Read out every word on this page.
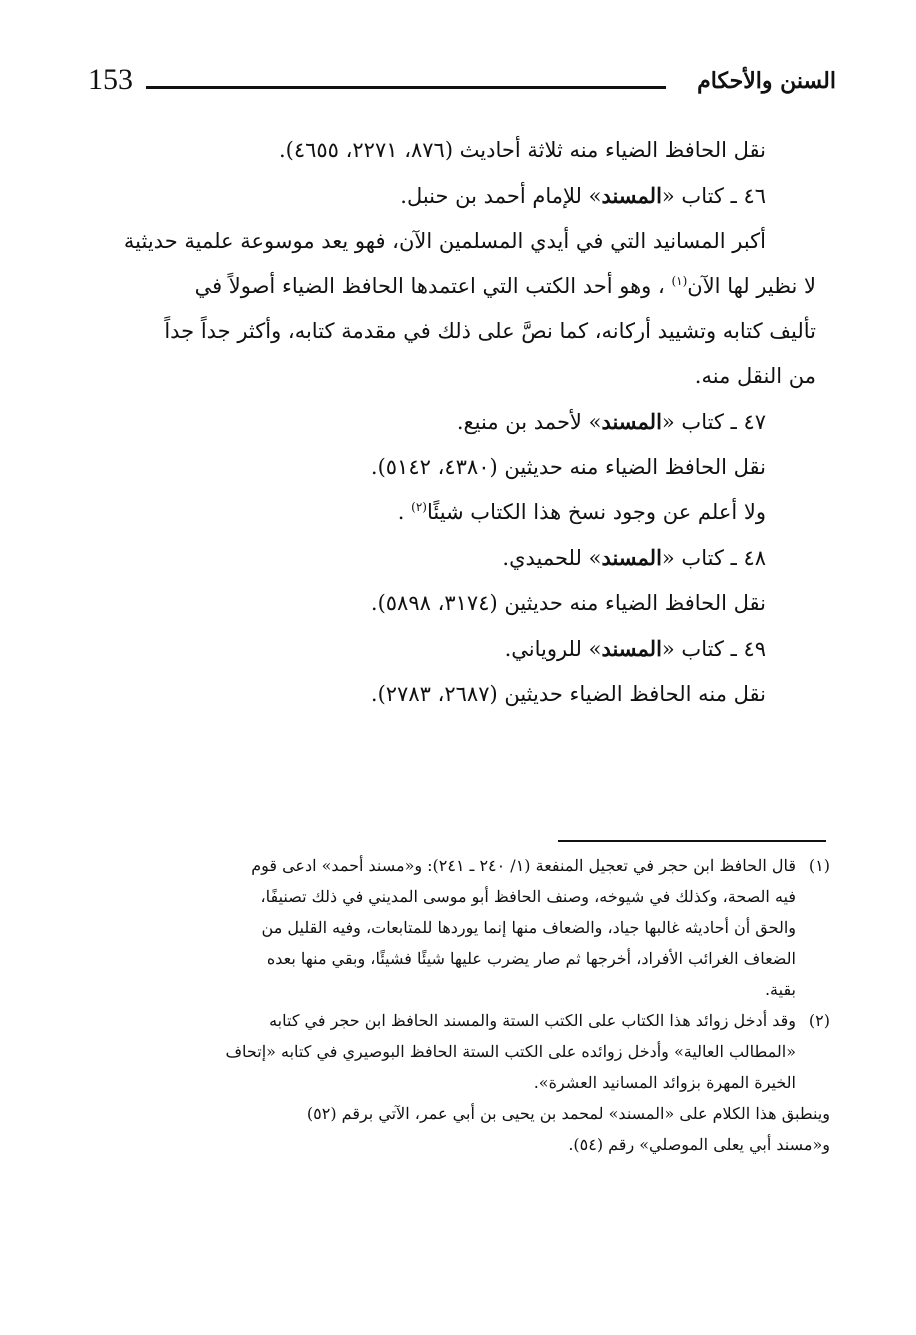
153	السنن والأحكام

نقل الحافظ الضياء منه ثلاثة أحاديث (٨٧٦، ٢٢٧١، ٤٦٥٥).

٤٦ ـ كتاب «المسند» للإمام أحمد بن حنبل.

أكبر المسانيد التي في أيدي المسلمين الآن، فهو يعد موسوعة علمية حديثية

لا نظير لها الآن$^{(١)}$ ، وهو أحد الكتب التي اعتمدها الحافظ الضياء أصولاً في

تأليف كتابه وتشييد أركانه، كما نصَّ على ذلك في مقدمة كتابه، وأكثر جداً جداً

من النقل منه.

٤٧ ـ كتاب «المسند» لأحمد بن منيع.

نقل الحافظ الضياء منه حديثين (٤٣٨٠، ٥١٤٢).

ولا أعلم عن وجود نسخ هذا الكتاب شيئًا$^{(٢)}$ .

٤٨ ـ كتاب «المسند» للحميدي.

نقل الحافظ الضياء منه حديثين (٣١٧٤، ٥٨٩٨).

٤٩ ـ كتاب «المسند» للروياني.

نقل منه الحافظ الضياء حديثين (٢٦٨٧، ٢٧٨٣).

(١)
قال الحافظ ابن حجر في تعجيل المنفعة (١/ ٢٤٠ ـ ٢٤١): و«مسند أحمد» ادعى قوم
فيه الصحة، وكذلك في شيوخه، وصنف الحافظ أبو موسى المديني في ذلك تصنيفًا،
والحق أن أحاديثه غالبها جياد، والضعاف منها إنما يوردها للمتابعات، وفيه القليل من
الضعاف الغرائب الأفراد، أخرجها ثم صار يضرب عليها شيئًا فشيئًا، وبقي منها بعده
بقية.
(٢)
وقد أدخل زوائد هذا الكتاب على الكتب الستة والمسند الحافظ ابن حجر في كتابه
«المطالب العالية» وأدخل زوائده على الكتب الستة الحافظ البوصيري في كتابه «إتحاف
الخيرة المهرة بزوائد المسانيد العشرة».
وينطبق هذا الكلام على «المسند» لمحمد بن يحيى بن أبي عمر، الآتي برقم (٥٢)
و«مسند أبي يعلى الموصلي» رقم (٥٤).
